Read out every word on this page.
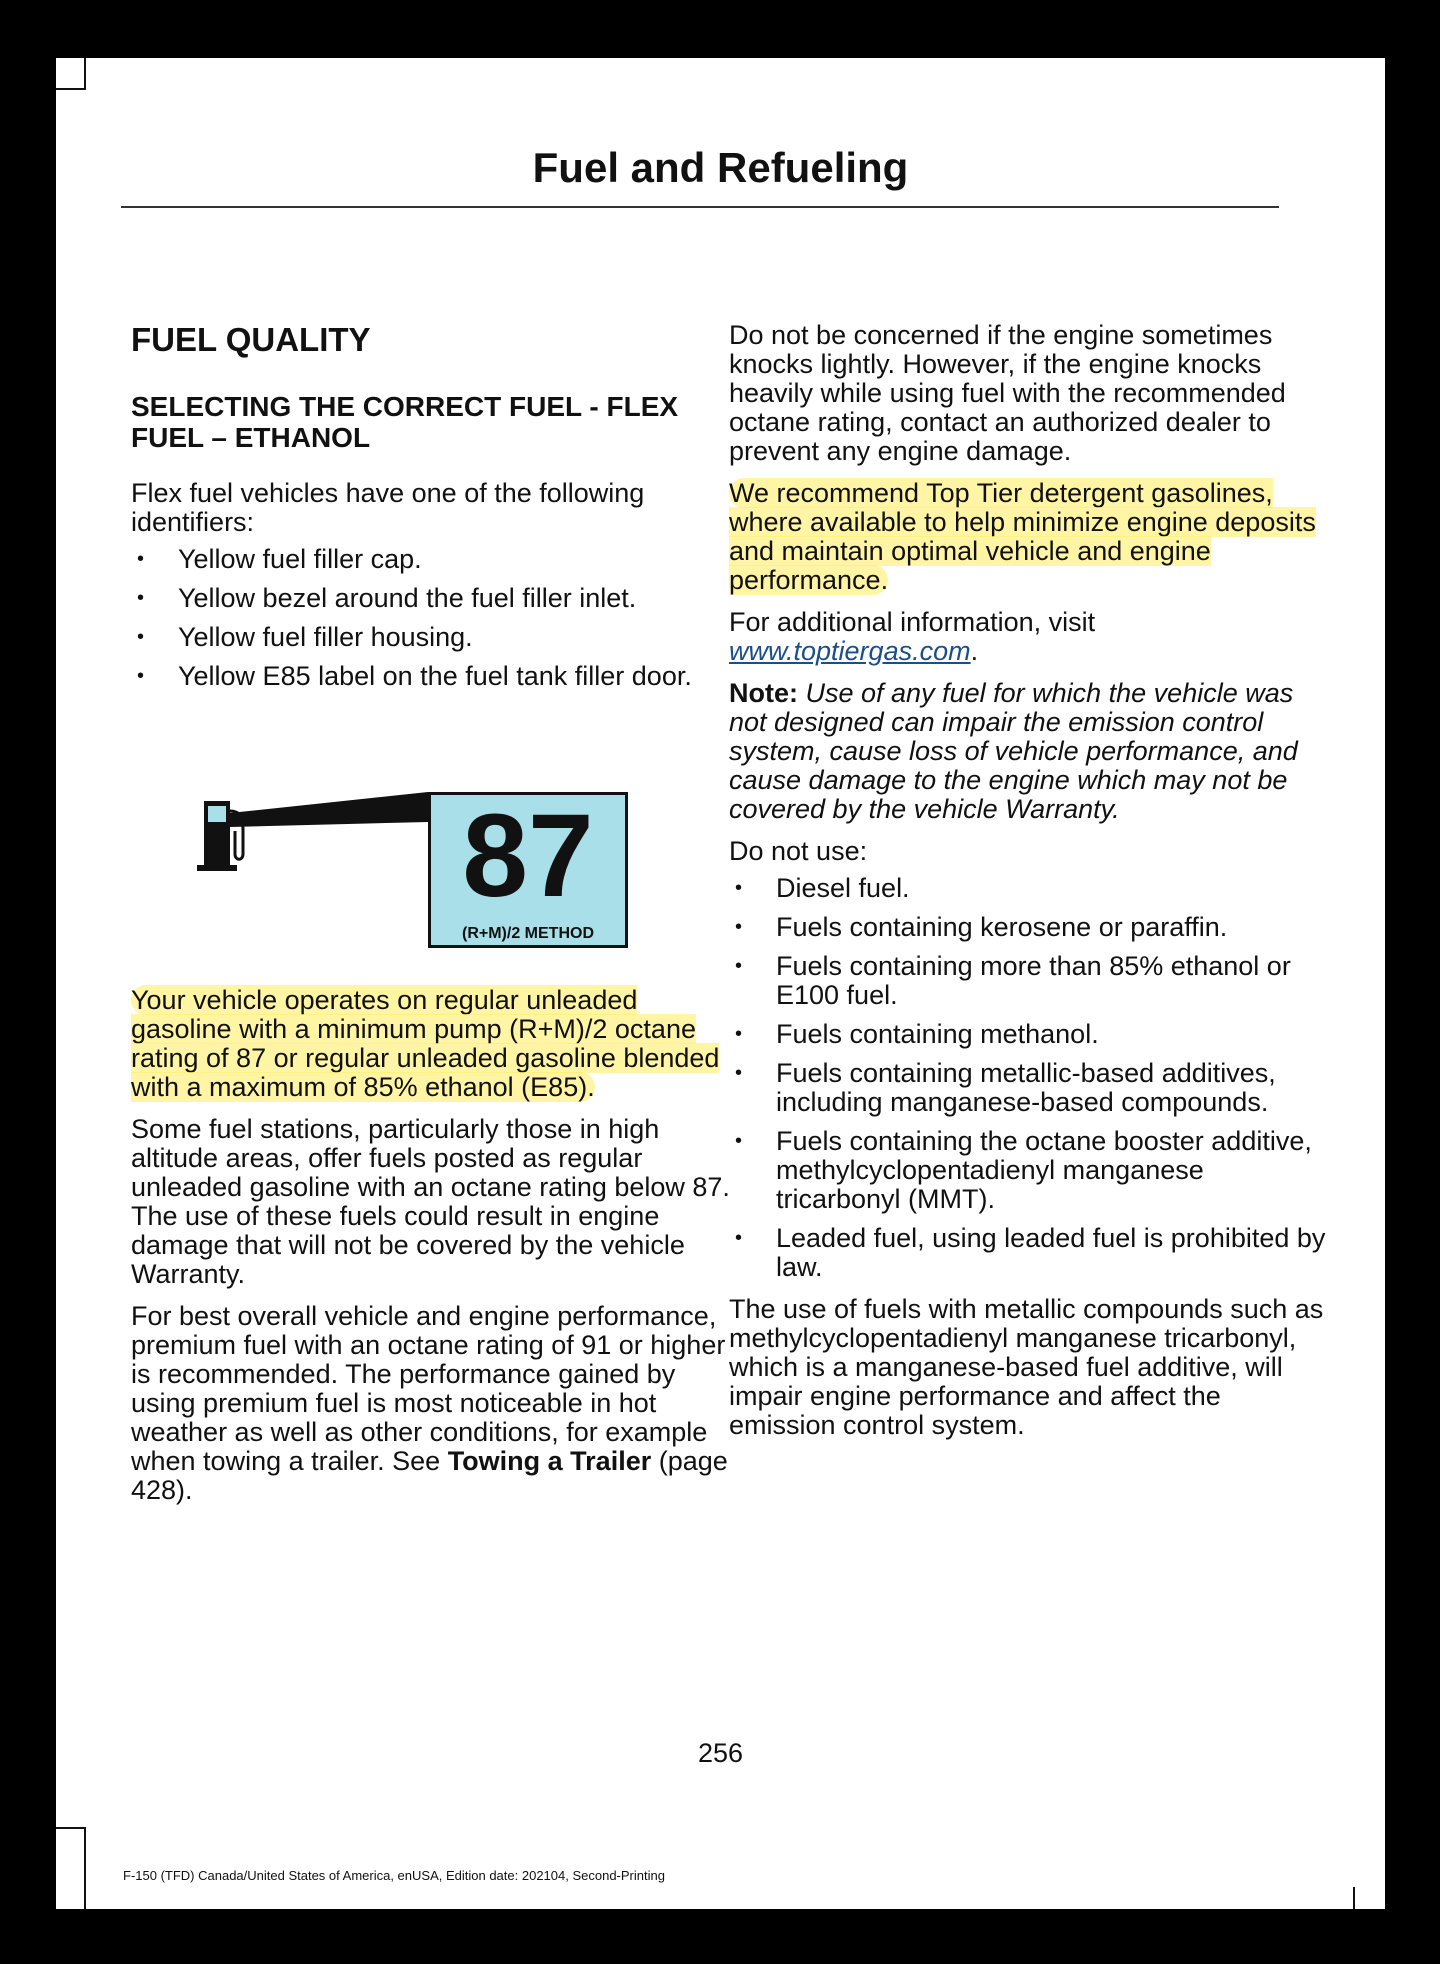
Fuel and Refueling
FUEL QUALITY
SELECTING THE CORRECT FUEL - FLEX FUEL – ETHANOL

Flex fuel vehicles have one of the following identifiers:

• Yellow fuel filler cap.
• Yellow bezel around the fuel filler inlet.
• Yellow fuel filler housing.
• Yellow E85 label on the fuel tank filler door.
87
(R+M)/2 METHOD

Your vehicle operates on regular unleaded gasoline with a minimum pump (R+M)/2 octane rating of 87 or regular unleaded gasoline blended with a maximum of 85% ethanol (E85).

Some fuel stations, particularly those in high altitude areas, offer fuels posted as regular unleaded gasoline with an octane rating below 87. The use of these fuels could result in engine damage that will not be covered by the vehicle Warranty.

For best overall vehicle and engine performance, premium fuel with an octane rating of 91 or higher is recommended. The performance gained by using premium fuel is most noticeable in hot weather as well as other conditions, for example when towing a trailer. See Towing a Trailer (page 428).

Do not be concerned if the engine sometimes knocks lightly. However, if the engine knocks heavily while using fuel with the recommended octane rating, contact an authorized dealer to prevent any engine damage.

We recommend Top Tier detergent gasolines, where available to help minimize engine deposits and maintain optimal vehicle and engine performance.

For additional information, visit
www.toptiergas.com.

Note: Use of any fuel for which the vehicle was not designed can impair the emission control system, cause loss of vehicle performance, and cause damage to the engine which may not be covered by the vehicle Warranty.

Do not use:

• Diesel fuel.
• Fuels containing kerosene or paraffin.
• Fuels containing more than 85% ethanol or E100 fuel.
• Fuels containing methanol.
• Fuels containing metallic-based additives, including manganese-based compounds.
• Fuels containing the octane booster additive, methylcyclopentadienyl manganese tricarbonyl (MMT).
• Leaded fuel, using leaded fuel is prohibited by law.

The use of fuels with metallic compounds such as methylcyclopentadienyl manganese tricarbonyl, which is a manganese-based fuel additive, will impair engine performance and affect the emission control system.

256
F-150 (TFD) Canada/United States of America, enUSA, Edition date: 202104, Second-Printing
